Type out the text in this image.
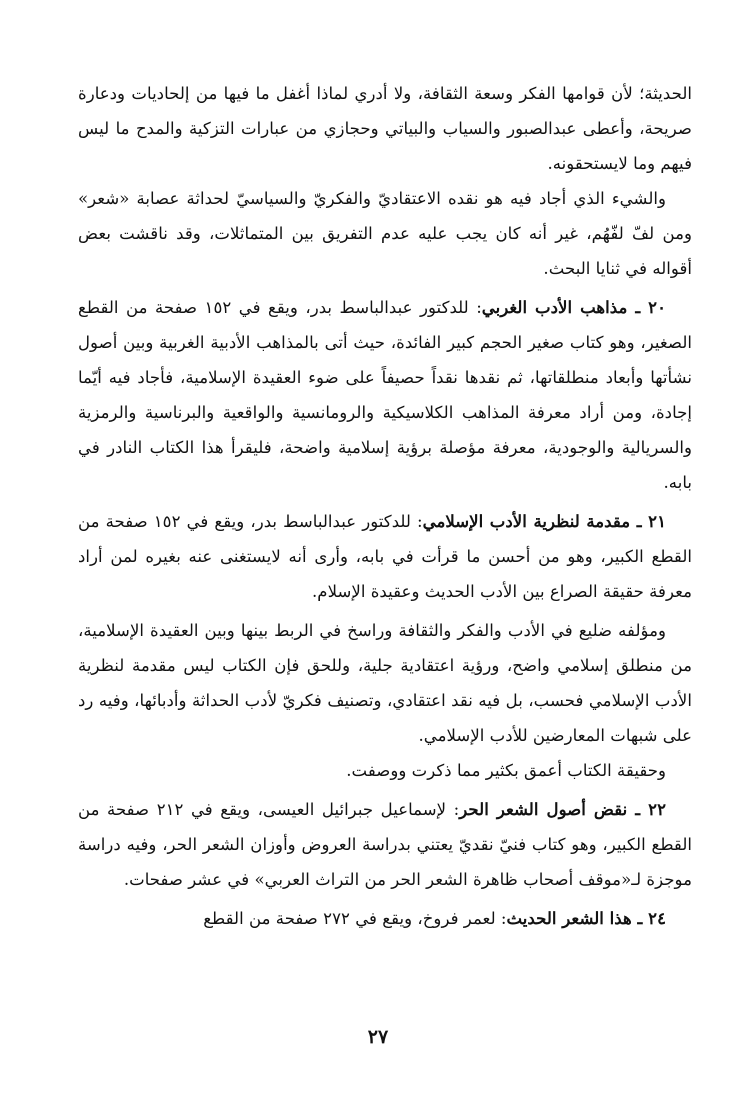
الحديثة؛ لأن قوامها الفكر وسعة الثقافة، ولا أدري لماذا أغفل ما فيها من إلحاديات ودعارة صريحة، وأعطى عبدالصبور والسياب والبياتي وحجازي من عبارات التزكية والمدح ما ليس فيهم وما لايستحقونه.

والشيء الذي أجاد فيه هو نقده الاعتقاديّ والفكريّ والسياسيّ لحداثة عصابة «شعر» ومن لفّ لفّهُم، غير أنه كان يجب عليه عدم التفريق بين المتماثلات، وقد ناقشت بعض أقواله في ثنايا البحث.

٢٠ ـ مذاهب الأدب الغربي: للدكتور عبدالباسط بدر، ويقع في ١٥٢ صفحة من القطع الصغير، وهو كتاب صغير الحجم كبير الفائدة، حيث أتى بالمذاهب الأدبية الغربية وبين أصول نشأتها وأبعاد منطلقاتها، ثم نقدها نقداً حصيفاً على ضوء العقيدة الإسلامية، فأجاد فيه أيّما إجادة، ومن أراد معرفة المذاهب الكلاسيكية والرومانسية والواقعية والبرناسية والرمزية والسريالية والوجودية، معرفة مؤصلة برؤية إسلامية واضحة، فليقرأ هذا الكتاب النادر في بابه.

٢١ ـ مقدمة لنظرية الأدب الإسلامي: للدكتور عبدالباسط بدر، ويقع في ١٥٢ صفحة من القطع الكبير، وهو من أحسن ما قرأت في بابه، وأرى أنه لايستغنى عنه بغيره لمن أراد معرفة حقيقة الصراع بين الأدب الحديث وعقيدة الإسلام.

ومؤلفه ضليع في الأدب والفكر والثقافة وراسخ في الربط بينها وبين العقيدة الإسلامية، من منطلق إسلامي واضح، ورؤية اعتقادية جلية، وللحق فإن الكتاب ليس مقدمة لنظرية الأدب الإسلامي فحسب، بل فيه نقد اعتقادي، وتصنيف فكريّ لأدب الحداثة وأدبائها، وفيه رد على شبهات المعارضين للأدب الإسلامي.

وحقيقة الكتاب أعمق بكثير مما ذكرت ووصفت.

٢٢ ـ نقض أصول الشعر الحر: لإسماعيل جبرائيل العيسى، ويقع في ٢١٢ صفحة من القطع الكبير، وهو كتاب فنيّ نقديّ يعتني بدراسة العروض وأوزان الشعر الحر، وفيه دراسة موجزة لـ«موقف أصحاب ظاهرة الشعر الحر من التراث العربي» في عشر صفحات.

٢٤ ـ هذا الشعر الحديث: لعمر فروخ، ويقع في ٢٧٢ صفحة من القطع

٢٧
